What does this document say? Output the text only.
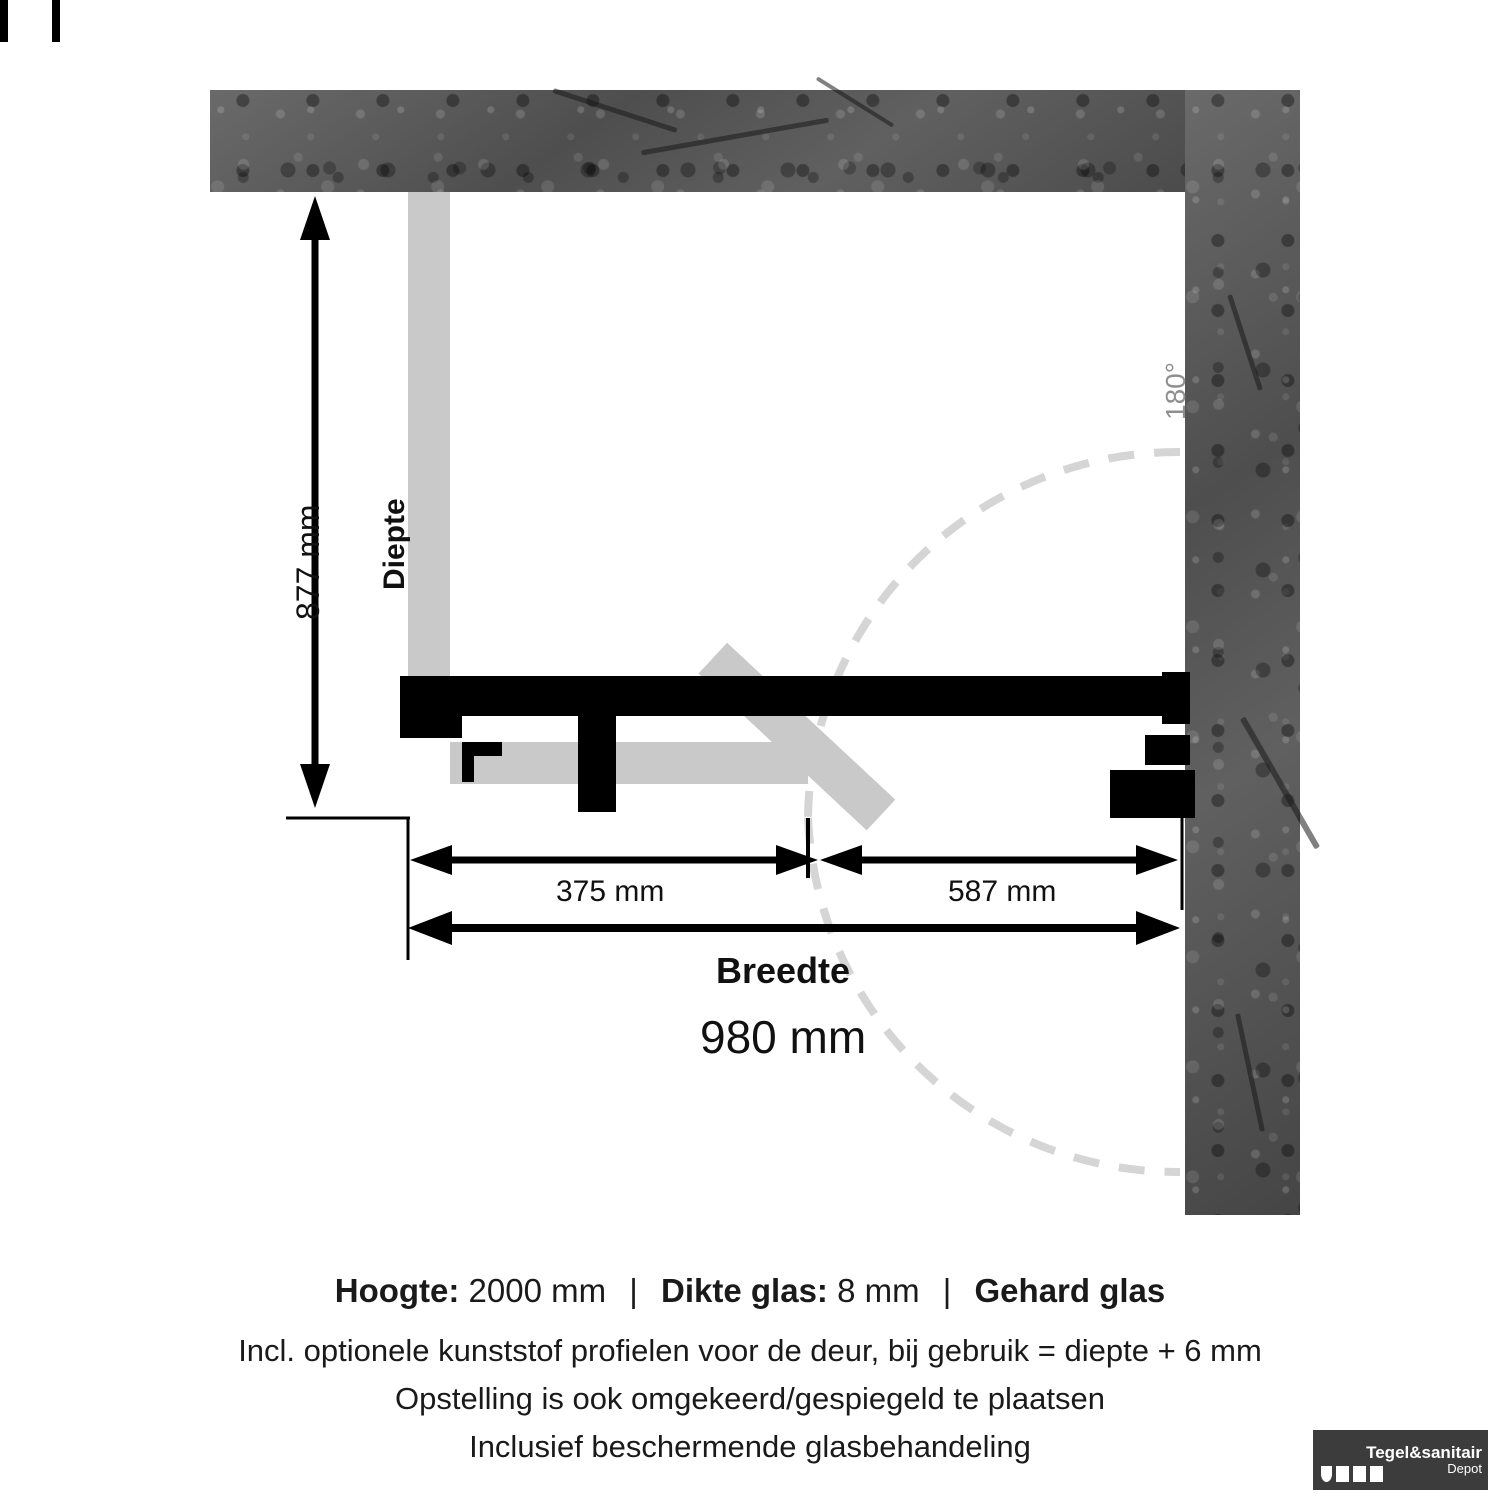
Diepte
877 mm
375 mm	587 mm
Breedte
980 mm
180°
Hoogte: 2000 mm | Dikte glas: 8 mm | Gehard glas
Incl. optionele kunststof profielen voor de deur, bij gebruik = diepte + 6 mm
Opstelling is ook omgekeerd/gespiegeld te plaatsen
Inclusief beschermende glasbehandeling	Tegel&sanitair
Depot
